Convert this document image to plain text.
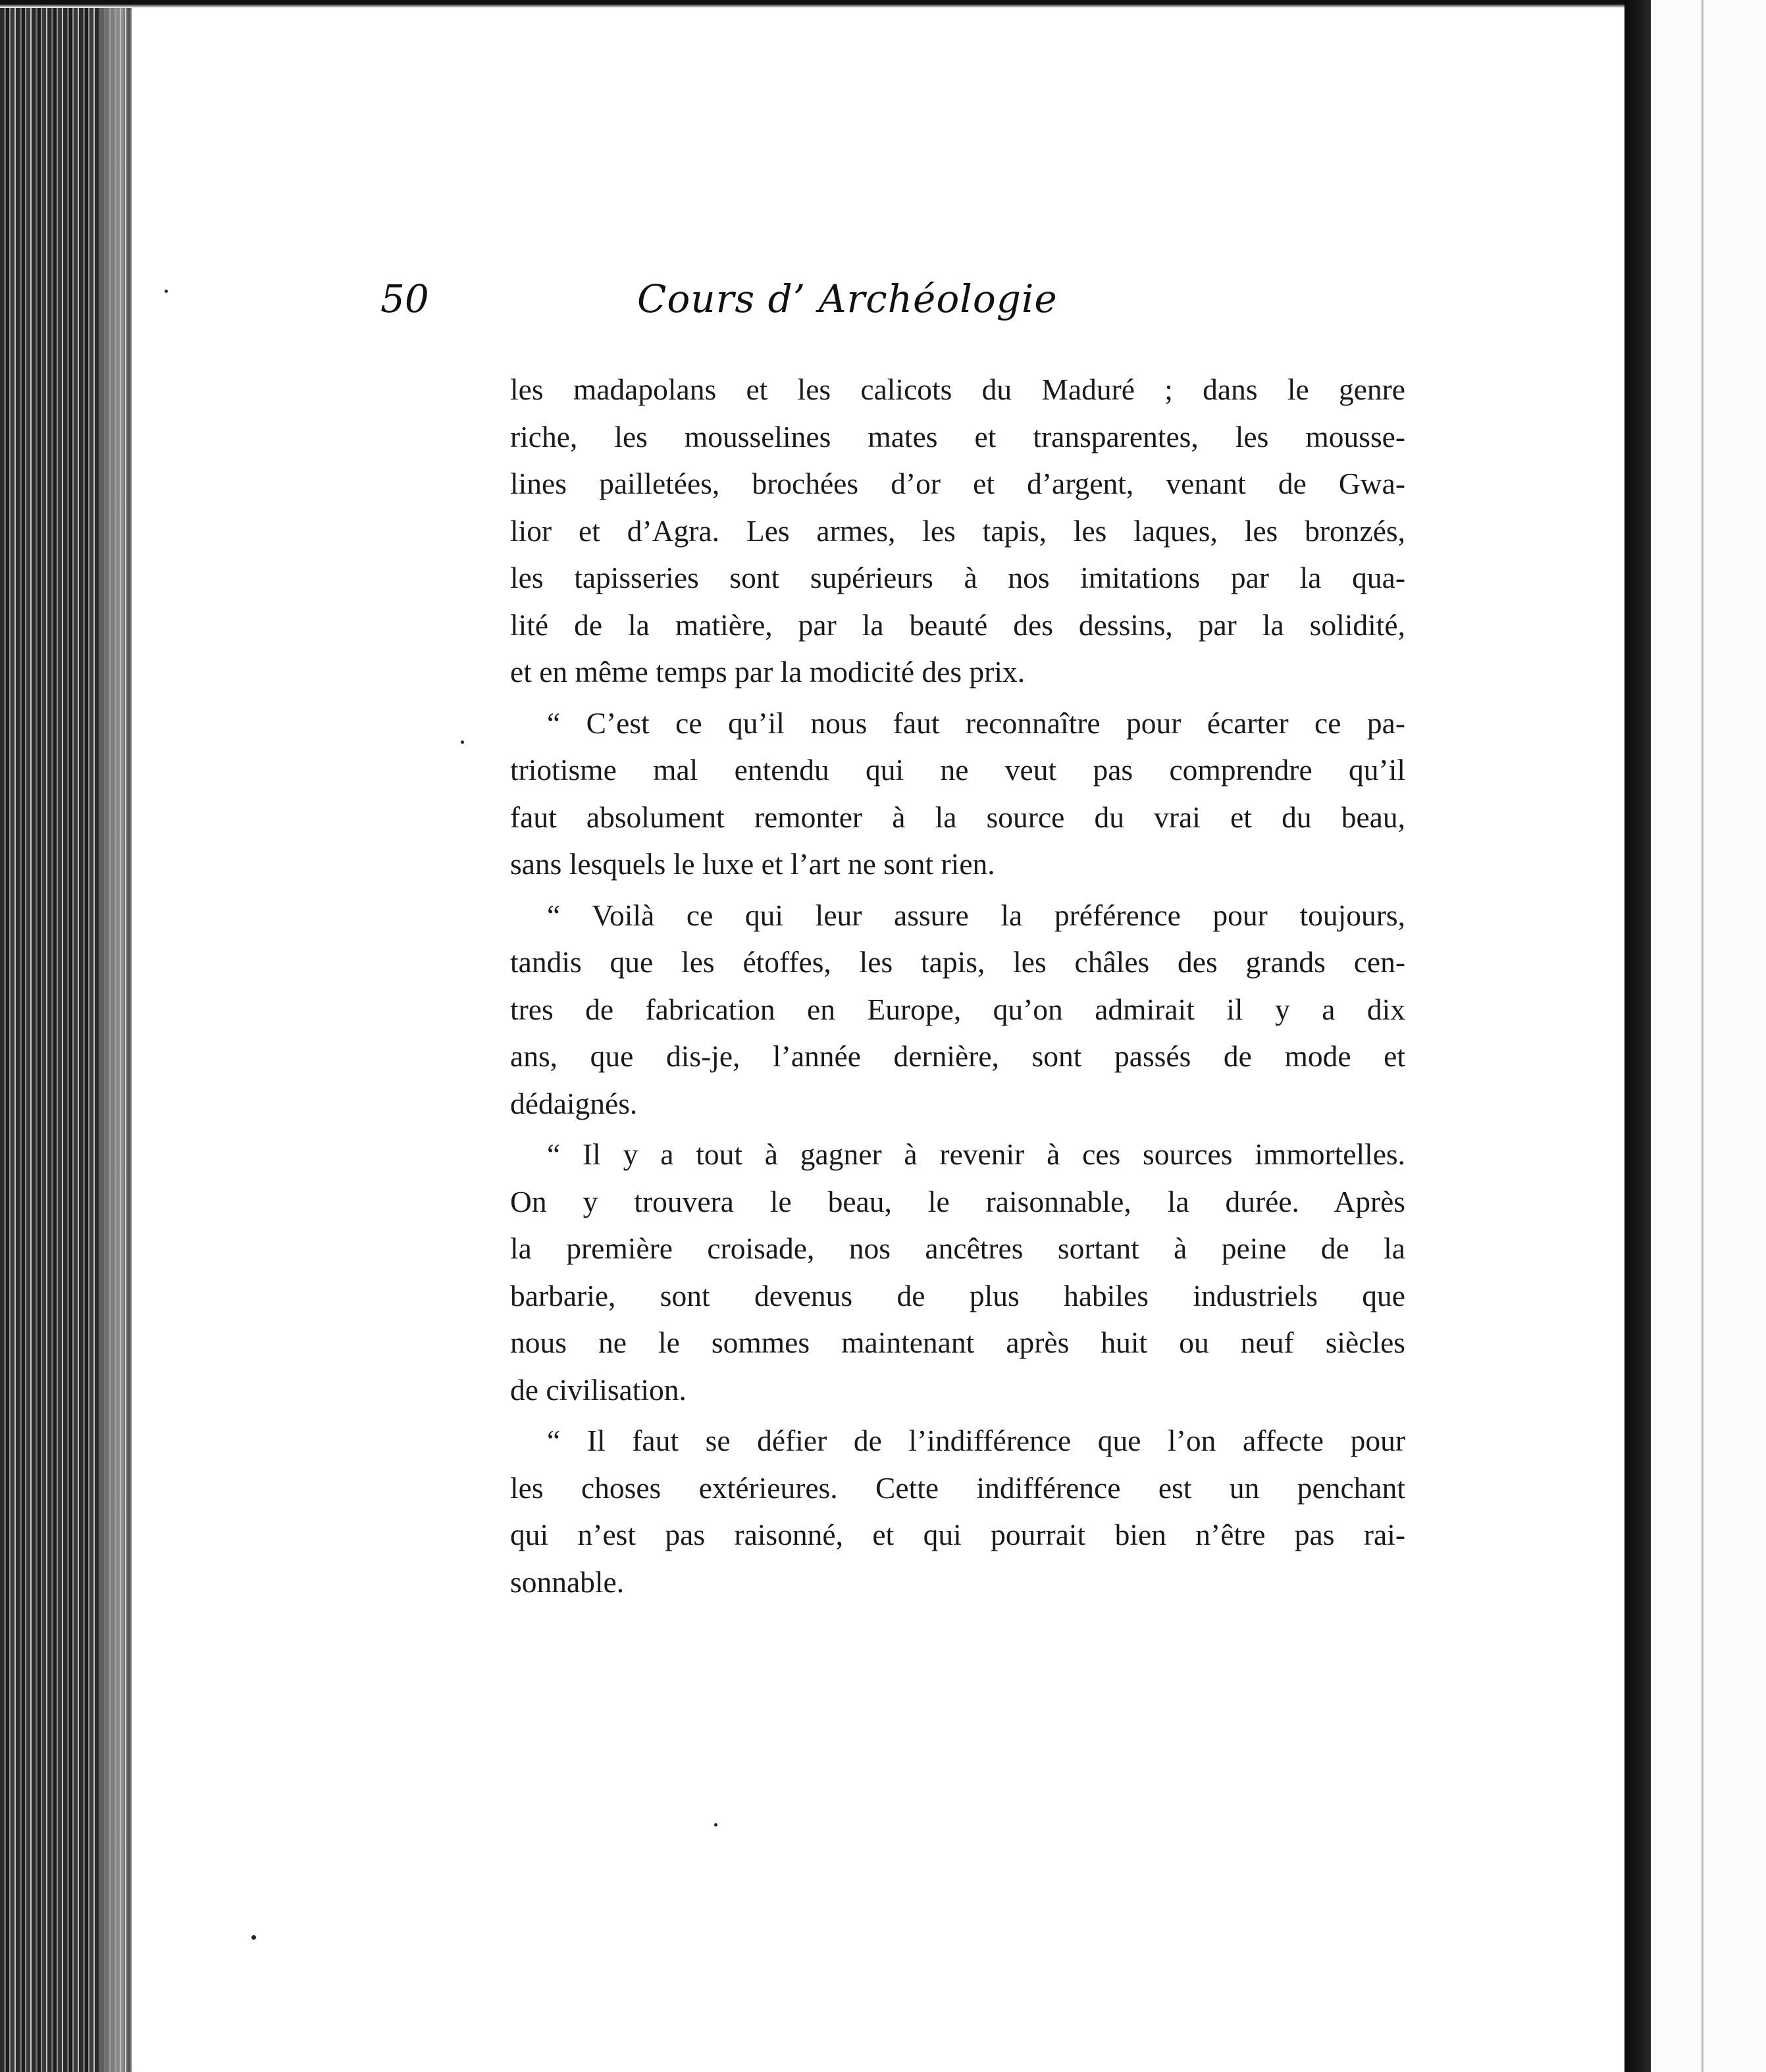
50	Cours d’ Archéologie
les madapolans et les calicots du Maduré ; dans le genre
riche, les mousselines mates et transparentes, les mousse-
lines pailletées, brochées d’or et d’argent, venant de Gwa-
lior et d’Agra. Les armes, les tapis, les laques, les bronzés,
les tapisseries sont supérieurs à nos imitations par la qua-
lité de la matière, par la beauté des dessins, par la solidité,
et en même temps par la modicité des prix.
“ C’est ce qu’il nous faut reconnaître pour écarter ce pa-
triotisme mal entendu qui ne veut pas comprendre qu’il
faut absolument remonter à la source du vrai et du beau,
sans lesquels le luxe et l’art ne sont rien.
“ Voilà ce qui leur assure la préférence pour toujours,
tandis que les étoffes, les tapis, les châles des grands cen-
tres de fabrication en Europe, qu’on admirait il y a dix
ans, que dis-je, l’année dernière, sont passés de mode et
dédaignés.
“ Il y a tout à gagner à revenir à ces sources immortelles.
On y trouvera le beau, le raisonnable, la durée. Après
la première croisade, nos ancêtres sortant à peine de la
barbarie, sont devenus de plus habiles industriels que
nous ne le sommes maintenant après huit ou neuf siècles
de civilisation.
“ Il faut se défier de l’indifférence que l’on affecte pour
les choses extérieures. Cette indifférence est un penchant
qui n’est pas raisonné, et qui pourrait bien n’être pas rai-
sonnable.
